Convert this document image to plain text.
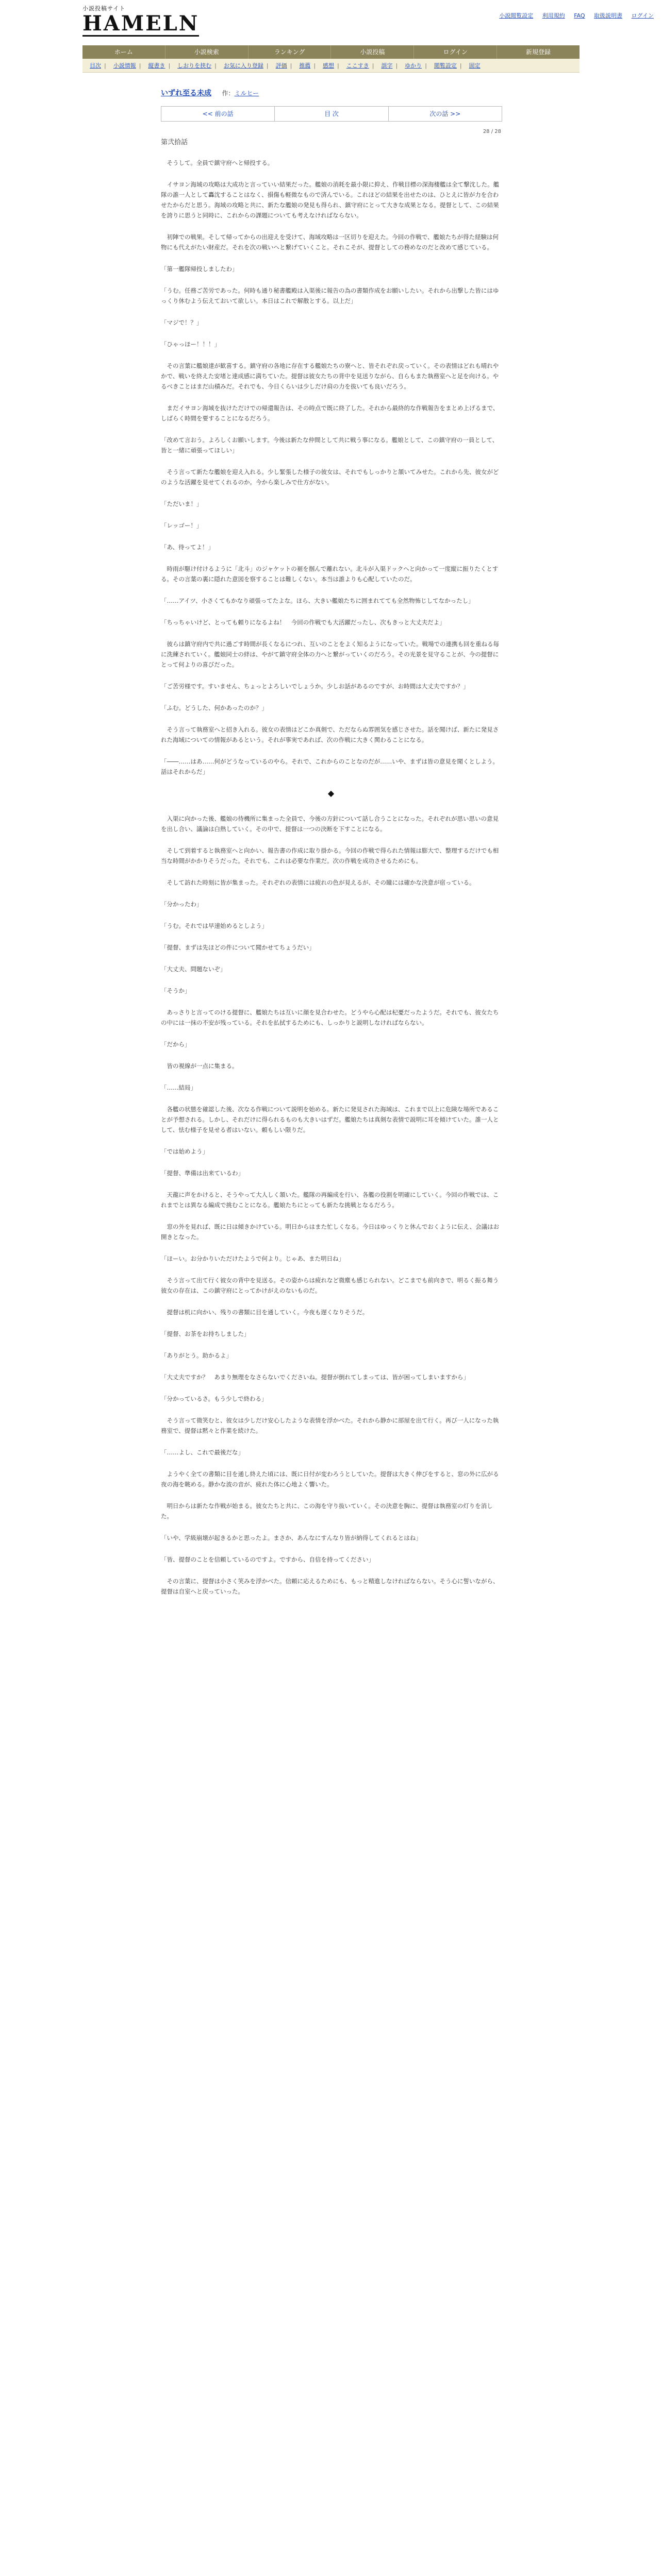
小説投稿サイト
HAMELN	小説閲覧設定 利用規約 FAQ 取扱説明書 ログイン
ホーム	小説検索	ランキング	小説投稿	ログイン	新規登録
目次 | 小説情報 | 縦書き | しおりを挟む | お気に入り登録 | 評価 | 推薦 | 感想 | ここすき | 誤字 | ゆかり | 閲覧設定 | 固定
いずれ至る未成 作：ミルヒー
<< 前の話	目 次	次の話 >>
28 / 28
第弐拾話

　そうして。全員で鎮守府へと帰投する。

　イサヨン海域の攻略は大成功と言っていい結果だった。艦娘の消耗を最小限に抑え、作戦目標の深海棲艦は全て撃沈した。艦隊の誰一人として轟沈することはなく、損傷も軽微なもので済んでいる。これほどの結果を出せたのは、ひとえに皆が力を合わせたからだと思う。海域の攻略と共に、新たな艦娘の発見も得られ、鎮守府にとって大きな成果となる。提督として、この結果を誇りに思うと同時に、これからの課題についても考えなければならない。

　初陣での戦果。そして帰ってからの出迎えを受けて、海域攻略は一区切りを迎えた。今回の作戦で、艦娘たちが得た経験は何物にも代えがたい財産だ。それを次の戦いへと繋げていくこと。それこそが、提督としての務めなのだと改めて感じている。

「第一艦隊帰投しましたわ」

「うむ。任務ご苦労であった。何時も通り秘書艦殿は入渠後に報告の為の書類作成をお願いしたい。それから出撃した皆にはゆっくり休むよう伝えておいて欲しい。本日はこれで解散とする。以上だ」

「マジで！？」

「ひゃっほー！！！」

　その言葉に艦娘達が歓喜する。鎮守府の各地に存在する艦娘たちの寮へと、皆それぞれ戻っていく。その表情はどれも晴れやかで、戦いを終えた安堵と達成感に満ちていた。提督は彼女たちの背中を見送りながら、自らもまた執務室へと足を向ける。やるべきことはまだ山積みだ。それでも、今日くらいは少しだけ肩の力を抜いても良いだろう。

　まだイサヨン海域を抜けただけでの帰還報告は、その時点で既に終了した。それから最終的な作戦報告をまとめ上げるまで、しばらく時間を要することになるだろう。

「改めて言おう。よろしくお願いします。今後は新たな仲間として共に戦う事になる。艦娘として、この鎮守府の一員として、皆と一緒に頑張ってほしい」

　そう言って新たな艦娘を迎え入れる。少し緊張した様子の彼女は、それでもしっかりと頷いてみせた。これから先、彼女がどのような活躍を見せてくれるのか。今から楽しみで仕方がない。

「ただいま！」

「レッゴー！」

「あ、待ってよ！」

　時雨が駆け付けるように「北斗」のジャケットの裾を掴んで離れない。北斗が入渠ドックへと向かって一度縦に振りたくとする。その言葉の裏に隠れた意図を察することは難しくない。本当は誰よりも心配していたのだ。

「……アイツ、小さくてもかなり頑張ってたよな。ほら、大きい艦娘たちに囲まれてても全然物怖じしてなかったし」

「ちっちゃいけど、とっても頼りになるよね！　今回の作戦でも大活躍だったし、次もきっと大丈夫だよ」

　彼らは鎮守府内で共に過ごす時間が長くなるにつれ、互いのことをよく知るようになっていた。戦場での連携も回を重ねる毎に洗練されていく。艦娘同士の絆は、やがて鎮守府全体の力へと繋がっていくのだろう。その光景を見守ることが、今の提督にとって何よりの喜びだった。

「ご苦労様です。すいません、ちょっとよろしいでしょうか。少しお話があるのですが、お時間は大丈夫ですか？」

「ふむ。どうした、何かあったのか？」

　そう言って執務室へと招き入れる。彼女の表情はどこか真剣で、ただならぬ雰囲気を感じさせた。話を聞けば、新たに発見された海域についての情報があるという。それが事実であれば、次の作戦に大きく関わることになる。

「――……はあ……何がどうなっているのやら。それで、これからのことなのだが……いや、まずは皆の意見を聞くとしよう。話はそれからだ」

◆

　入渠に向かった後、艦娘の待機所に集まった全員で、今後の方針について話し合うことになった。それぞれが思い思いの意見を出し合い、議論は白熱していく。その中で、提督は一つの決断を下すことになる。

　そして到着すると執務室へと向かい、報告書の作成に取り掛かる。今回の作戦で得られた情報は膨大で、整理するだけでも相当な時間がかかりそうだった。それでも、これは必要な作業だ。次の作戦を成功させるためにも。

　そして訪れた時刻に皆が集まった。それぞれの表情には疲れの色が見えるが、その瞳には確かな決意が宿っている。

「分かったわ」

「うむ。それでは早速始めるとしよう」

「提督、まずは先ほどの件について聞かせてちょうだい」

「大丈夫、問題ないぞ」

「そうか」

　あっさりと言ってのける提督に、艦娘たちは互いに顔を見合わせた。どうやら心配は杞憂だったようだ。それでも、彼女たちの中には一抹の不安が残っている。それを払拭するためにも、しっかりと説明しなければならない。

「だから」

　皆の視線が一点に集まる。

「……結局」

　各艦の状態を確認した後、次なる作戦について説明を始める。新たに発見された海域は、これまで以上に危険な場所であることが予想される。しかし、それだけに得られるものも大きいはずだ。艦娘たちは真剣な表情で説明に耳を傾けていた。誰一人として、怯む様子を見せる者はいない。頼もしい限りだ。

「では始めよう」

「提督、準備は出来ているわ」

　天龍に声をかけると、そうやって大人しく頷いた。艦隊の再編成を行い、各艦の役割を明確にしていく。今回の作戦では、これまでとは異なる編成で挑むことになる。艦娘たちにとっても新たな挑戦となるだろう。

　窓の外を見れば、既に日は傾きかけている。明日からはまた忙しくなる。今日はゆっくりと休んでおくように伝え、会議はお開きとなった。

「ほーい。お分かりいただけたようで何より。じゃあ、また明日ね」

　そう言って出て行く彼女の背中を見送る。その姿からは疲れなど微塵も感じられない。どこまでも前向きで、明るく振る舞う彼女の存在は、この鎮守府にとってかけがえのないものだ。

　提督は机に向かい、残りの書類に目を通していく。今夜も遅くなりそうだ。

「提督、お茶をお持ちしました」

「ありがとう。助かるよ」

「大丈夫ですか？　あまり無理をなさらないでくださいね。提督が倒れてしまっては、皆が困ってしまいますから」

「分かっているさ。もう少しで終わる」

　そう言って微笑むと、彼女は少しだけ安心したような表情を浮かべた。それから静かに部屋を出て行く。再び一人になった執務室で、提督は黙々と作業を続けた。

「……よし、これで最後だな」

　ようやく全ての書類に目を通し終えた頃には、既に日付が変わろうとしていた。提督は大きく伸びをすると、窓の外に広がる夜の海を眺める。静かな波の音が、疲れた体に心地よく響いた。

　明日からは新たな作戦が始まる。彼女たちと共に、この海を守り抜いていく。その決意を胸に、提督は執務室の灯りを消した。

「いや、学級崩壊が起きるかと思ったよ。まさか、あんなにすんなり皆が納得してくれるとはね」

「皆、提督のことを信頼しているのですよ。ですから、自信を持ってください」

　その言葉に、提督は小さく笑みを浮かべた。信頼に応えるためにも、もっと精進しなければならない。そう心に誓いながら、提督は自室へと戻っていった。
